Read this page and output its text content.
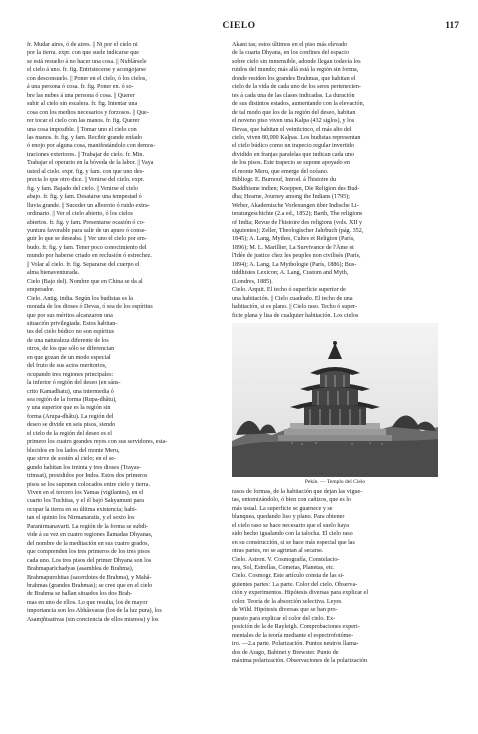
CIELO	117
fr. Mudar aires, ó de aires. || Ni por el cielo ni
por la tierra. expr. con que suele indicarse que
se está resuelto á no hacer una cosa. || Nublársele
el cielo á uno. fr. fig. Entristecerse y acongojarse
con desconsuelo. || Poner en el cielo, ó los cielos,
á una persona ó cosa. fr. fig. Poner en. ó so-
bre las nubes á una persona ó cosa. || Querer
subir al cielo sin escalera. fr. fig. Intentar una
cosa con los medios necesarios y forzosos. || Que-
rer tocar el cielo con las manos. fr. fig. Querer
una cosa imposible. || Tomar uno el cielo con
las manos. fr. fig. y fam. Recibir grande enfado
ó enojo por alguna cosa, manifestándolo con demos-
traciones exteriores. || Trabajar de cielo. fr. Min.
Trabajar el operario en la bóveda de la labor. || Vaya
usted al cielo. expr. fig. y fam. con que uno des-
precia lo que otro dice. || Venirse del cielo. expr.
fig. y fam. Bajado del cielo. || Venirse el cielo
abajo. fr. fig. y fam. Desatarse una tempestad ó
lluvia grande. || Suceder un alboroto ó ruido extra-
ordinario. || Ver el cielo abierto, ó los cielos
abiertos. fr. fig. y fam. Presentarse ocasión ó co-
yuntura favorable para salir de un apuro ó conse-
guir lo que se deseaba. || Ver uno el cielo por em-
budo. fr. fig. y fam. Tener poco conocimiento del
mundo por haberse criado en reclusión ó estrechez.
|| Volar al cielo. fr. fig. Separarse del cuerpo el
alma bienaventurada.
Cielo (Bajo del). Nombre que en China se da al
emperador.
Cielo. Antig. india. Según los budistas es la
morada de los dioses ó Devas, ó sea de los espíritus
que por sus méritos alcanzaron una
situación privilegiada. Estos habitan-
tes del cielo búdico no son espíritus
de una naturaleza diferente de los
otros, de los que sólo se diferencian
en que gozan de un modo especial
del fruto de sus actos meritorios,
ocupando tres regiones principales:
la inferior ó región del deseo (en sáns-
crito Kamadhatu), una intermedia ó
sea región de la forma (Rupa-dhâtu),
y una superior que es la región sin
forma (Arupa-dhâtu). La región del
deseo se divide en seis pisos, siendo
el cielo de la región del deseo es el
primero los cuatro grandes reyes con sus servidores, esta-
blecidos en los lados del monte Meru,
que sirve de sostén al cielo; en el se-
gundo habitan los treinta y tres dioses (Trayas-
trimsat), presididos por Indra. Estos dos primeros
pisos se los suponen colocados entre cielo y tierra.
Viven en el tercero los Yamas (vigilantes), en el
cuarto los Tuchitas, y el él bajó Sakyamuni para
ocupar la tierra en su última existencia; habi-
tan el quinto los Nirmanaratis, y el sexto los
Paranirmanavarti. La región de la forma se subdi-
vide á su vez en cuatro regiones llamadas Dhyanas,
del nombre de la meditación en sus cuatro grados,
que comprenden los tres primeros de los tres pisos
cada uno. Los tres pisos del primer Dhyana son los
Brahmaparichadyas (asamblea de Brahma),
Brahmapurohitas (sacerdotes de Brahma), y Mahâ-
brahmas (grandes Brahmas); se cree que en el cielo
de Brahma se hallan situados los dos Brah-
mas en uno de ellos. Lo que resulta, los de mayor
importancia son los Abhâsvaras (los de la luz pura), los
Asamjñisattvas (sin conciencia de ellos mismos) y los
Akani tas; estos últimos en el piso más elevado
de la cuarta Dhyana, en los confines del espacio
sobre cielo sin inmensible, adonde llegan todavía los
ruidos del mundo; más allá está la región sin forma,
donde residen los grandes Brahmas, que habitan el
cielo de la vida de cada uno de los seres pertenecien-
tes á cada una de las clases indicadas. La duración
de sus distintos estados, aumentando con la elevación,
de tal modo que los de la región del deseo, habitan
el noveno piso viven una Kalpa (432 siglos), y los
Devas, que habitan el veinticinco, el más alto del
cielo, viven 80,000 Kalpas. Los budistas representan
el cielo búdico como un trapecio regular invertido
dividido en franjas paralelas que indican cada uno
de los pisos. Este trapecio se supone apoyado en
el monte Meru, que emerge del océano.
Bibliogr. E. Burnouf, Introd. á l'histoire du
Buddhisme indien; Koeppen, Die Religion des Bud-
dha; Hearne, Journey among the Indians (1795);
Weber, Akademische Vorlesungen über Indische Li-
teraturgeschichte (2.a ed., 1852); Barth, The religions
of India; Revue de l'histoire des religions (vols. XII y
siguientes); Zeller, Theologischer Jahrbuch (pág. 352,
1845); A. Lang, Mythes, Cultes et Religion (París,
1896); M. L. Marillier, La Survivance de l'Âme et
l'Idée de justice chez les peuples non civilisés (París,
1894); A. Lang, La Mythologie (París, 1886); Bus-
tiddhistes Lexicon; A. Lang, Custom and Myth,
(Londres, 1885).
Cielo. Arquit. El techo ó superficie superior de
una habitación. || Cielo cuadrado. El techo de una
habitación, si es plano. || Cielo raso. Techo ó super-
ficie plana y lisa de cualquier habitación. Los cielos
Pekín. — Templo del Cielo
rasos de formas, de la habitación que dejan las vigue-
tas, entomizándolo, ó bien con cañizos, que es lo
más usual. La superficie se guarnece y se
blanquea, quedando liso y plano. Para obtener
el cielo raso se hace necesario que el suelo haya
sido hecho igualando con la talocha. El cielo raso
en su construcción, si se hace más especial que las
otras partes, no se agrietan al secarse.
Cielo. Astron. V. Cosmografía, Constelacio-
nes, Sol, Estrellas, Cometas, Planetas, etc.
Cielo. Cosmogr. Este artículo consta de las si-
guientes partes: 1.a parte. Color del cielo. Observa-
ción y experimentos. Hipótesis diversas para explicar el
color. Teoría de la absorción selectiva. Leyes
de Wild. Hipótesis diversas que se han pro-
puesto para explicar el color del cielo. Ex-
posición de la de Rayleigh. Comprobaciones experi-
mentales de la teoría mediante el espectrofotóme-
tro. —2.a parte. Polarización. Puntos neutros llama-
dos de Arago, Babinet y Brewster. Punto de
máxima polarización. Observaciones de la polarización
